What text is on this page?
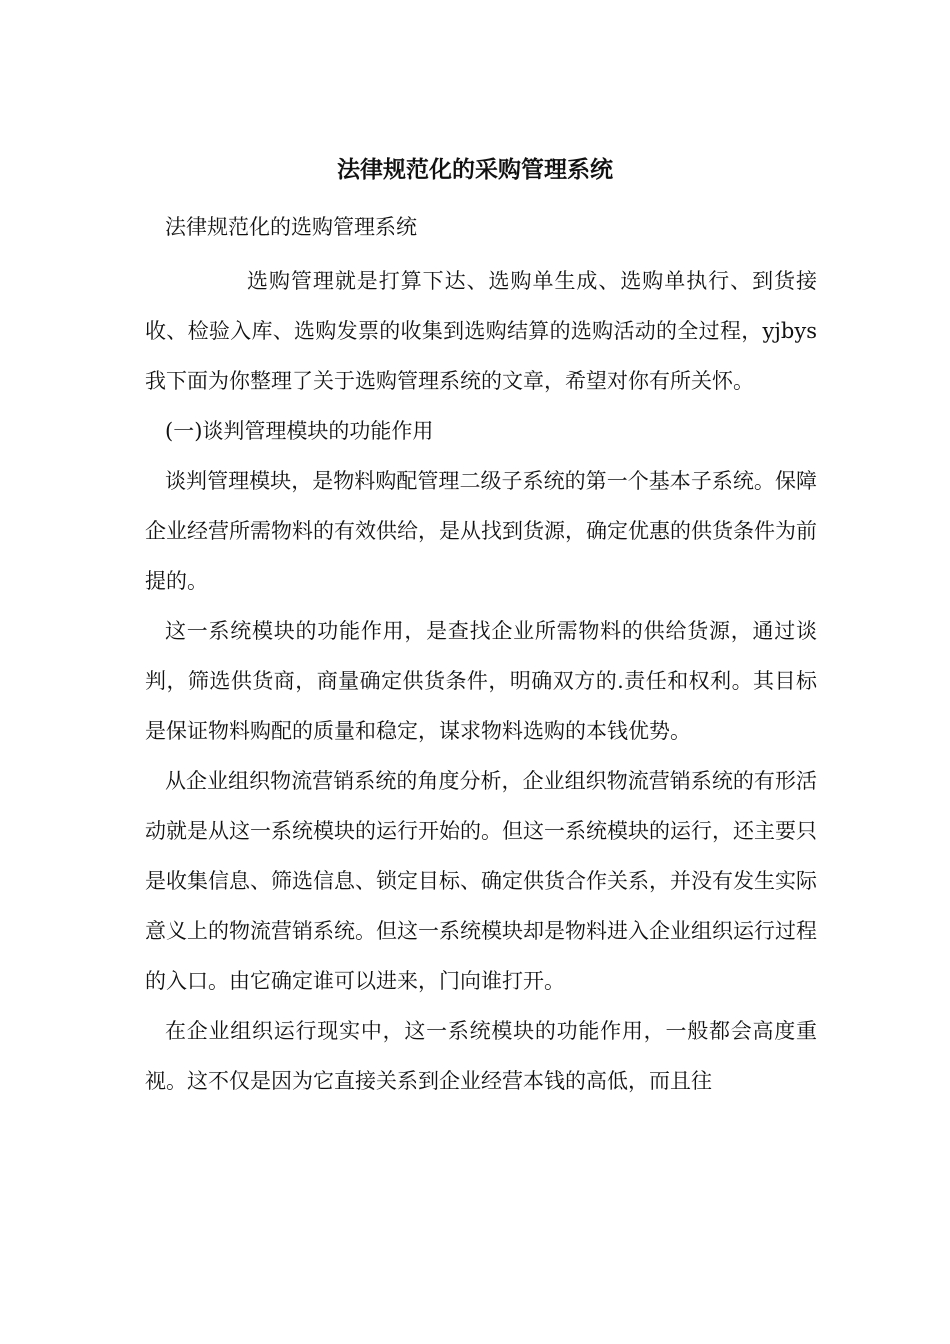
法律规范化的采购管理系统

法律规范化的选购管理系统

选购管理就是打算下达、选购单生成、选购单执行、到货接收、检验入库、选购发票的收集到选购结算的选购活动的全过程，yjbys我下面为你整理了关于选购管理系统的文章，希望对你有所关怀。

(一)谈判管理模块的功能作用

谈判管理模块，是物料购配管理二级子系统的第一个基本子系统。保障企业经营所需物料的有效供给，是从找到货源，确定优惠的供货条件为前提的。

这一系统模块的功能作用，是查找企业所需物料的供给货源，通过谈判，筛选供货商，商量确定供货条件，明确双方的.责任和权利。其目标是保证物料购配的质量和稳定，谋求物料选购的本钱优势。

从企业组织物流营销系统的角度分析，企业组织物流营销系统的有形活动就是从这一系统模块的运行开始的。但这一系统模块的运行，还主要只是收集信息、筛选信息、锁定目标、确定供货合作关系，并没有发生实际意义上的物流营销系统。但这一系统模块却是物料进入企业组织运行过程的入口。由它确定谁可以进来，门向谁打开。

在企业组织运行现实中，这一系统模块的功能作用，一般都会高度重视。这不仅是因为它直接关系到企业经营本钱的高低，而且往
